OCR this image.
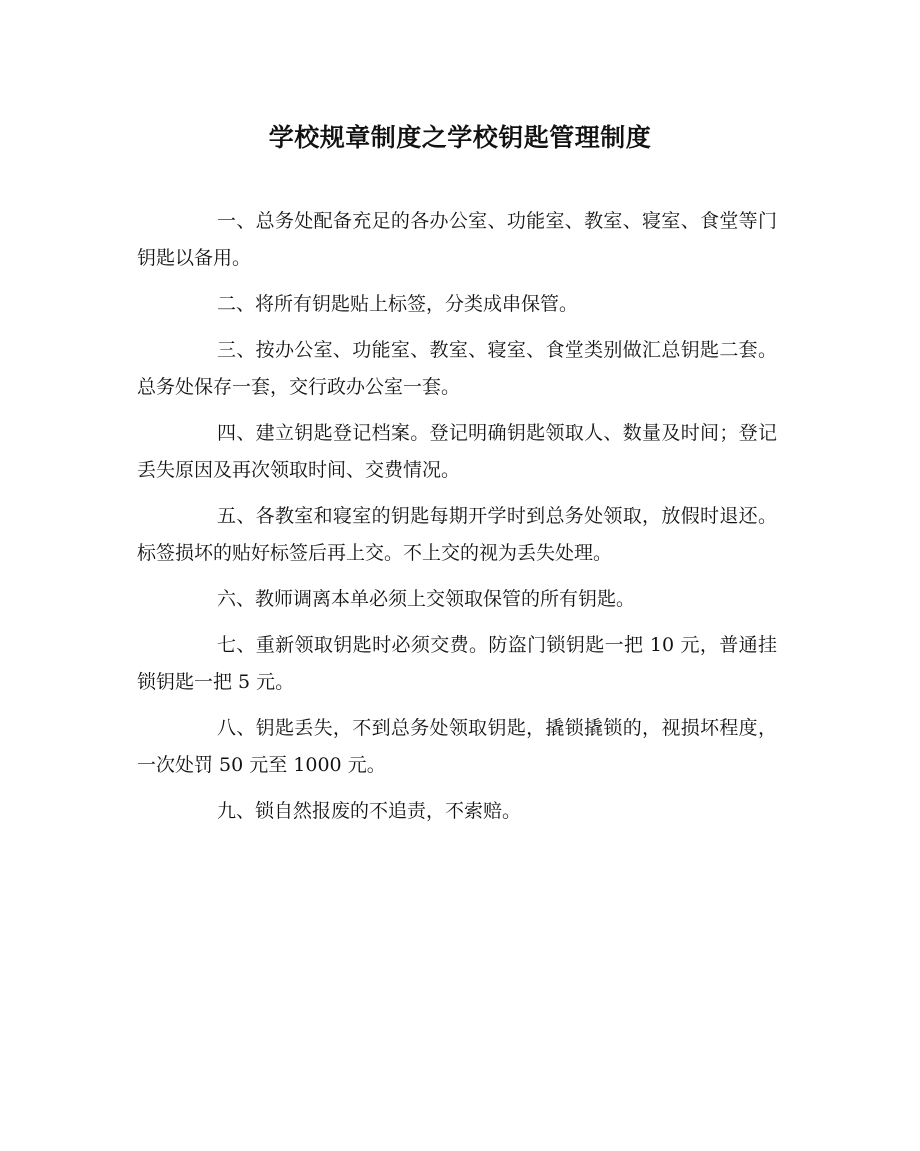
学校规章制度之学校钥匙管理制度

一、总务处配备充足的各办公室、功能室、教室、寝室、食堂等门钥匙以备用。

二、将所有钥匙贴上标签，分类成串保管。

三、按办公室、功能室、教室、寝室、食堂类别做汇总钥匙二套。总务处保存一套，交行政办公室一套。

四、建立钥匙登记档案。登记明确钥匙领取人、数量及时间；登记丢失原因及再次领取时间、交费情况。

五、各教室和寝室的钥匙每期开学时到总务处领取，放假时退还。标签损坏的贴好标签后再上交。不上交的视为丢失处理。

六、教师调离本单必须上交领取保管的所有钥匙。

七、重新领取钥匙时必须交费。防盗门锁钥匙一把 10 元，普通挂锁钥匙一把 5 元。

八、钥匙丢失，不到总务处领取钥匙，撬锁撬锁的，视损坏程度，一次处罚 50 元至 1000 元。

九、锁自然报废的不追责，不索赔。
